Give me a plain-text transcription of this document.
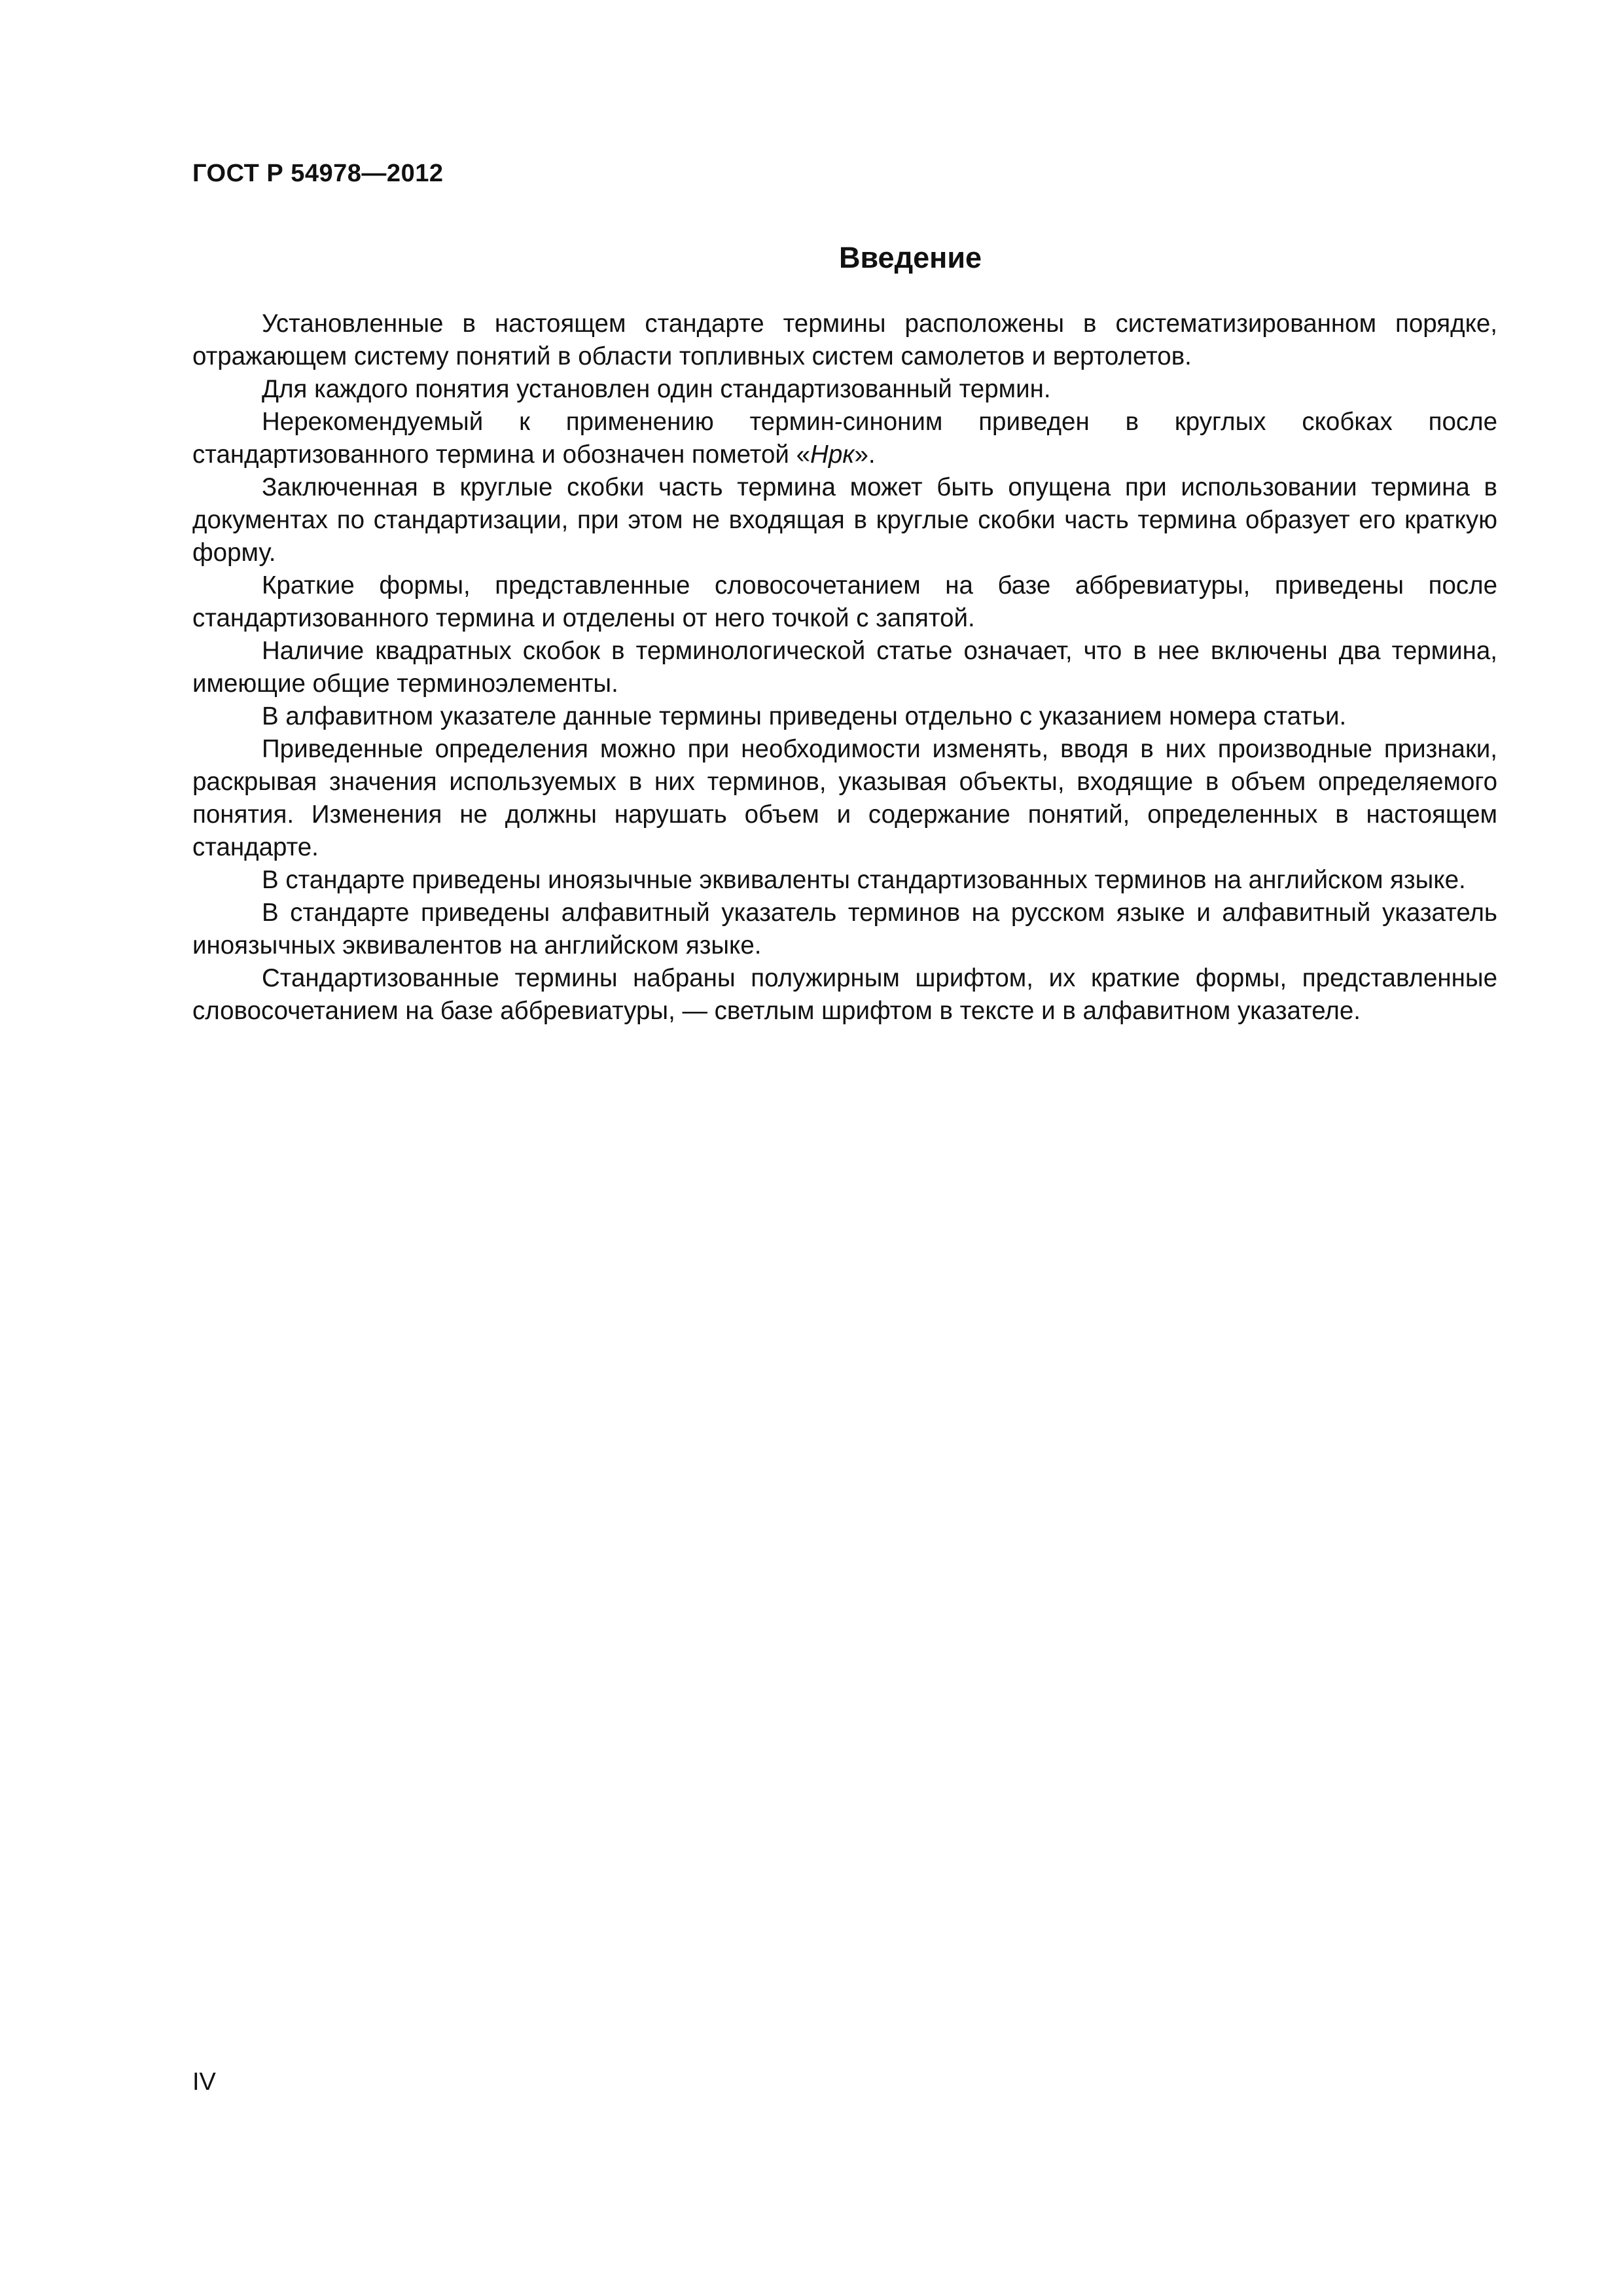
ГОСТ Р 54978—2012
Введение

Установленные в настоящем стандарте термины расположены в систематизированном порядке, отражающем систему понятий в области топливных систем самолетов и вертолетов.

Для каждого понятия установлен один стандартизованный термин.

Нерекомендуемый к применению термин-синоним приведен в круглых скобках после стандартизованного термина и обозначен пометой «Нрк».

Заключенная в круглые скобки часть термина может быть опущена при использовании термина в документах по стандартизации, при этом не входящая в круглые скобки часть термина образует его краткую форму.

Краткие формы, представленные словосочетанием на базе аббревиатуры, приведены после стандартизованного термина и отделены от него точкой с запятой.

Наличие квадратных скобок в терминологической статье означает, что в нее включены два термина, имеющие общие терминоэлементы.

В алфавитном указателе данные термины приведены отдельно с указанием номера статьи.

Приведенные определения можно при необходимости изменять, вводя в них производные признаки, раскрывая значения используемых в них терминов, указывая объекты, входящие в объем определяемого понятия. Изменения не должны нарушать объем и содержание понятий, определенных в настоящем стандарте.

В стандарте приведены иноязычные эквиваленты стандартизованных терминов на английском языке.

В стандарте приведены алфавитный указатель терминов на русском языке и алфавитный указатель иноязычных эквивалентов на английском языке.

Стандартизованные термины набраны полужирным шрифтом, их краткие формы, представленные словосочетанием на базе аббревиатуры, — светлым шрифтом в тексте и в алфавитном указателе.

IV
